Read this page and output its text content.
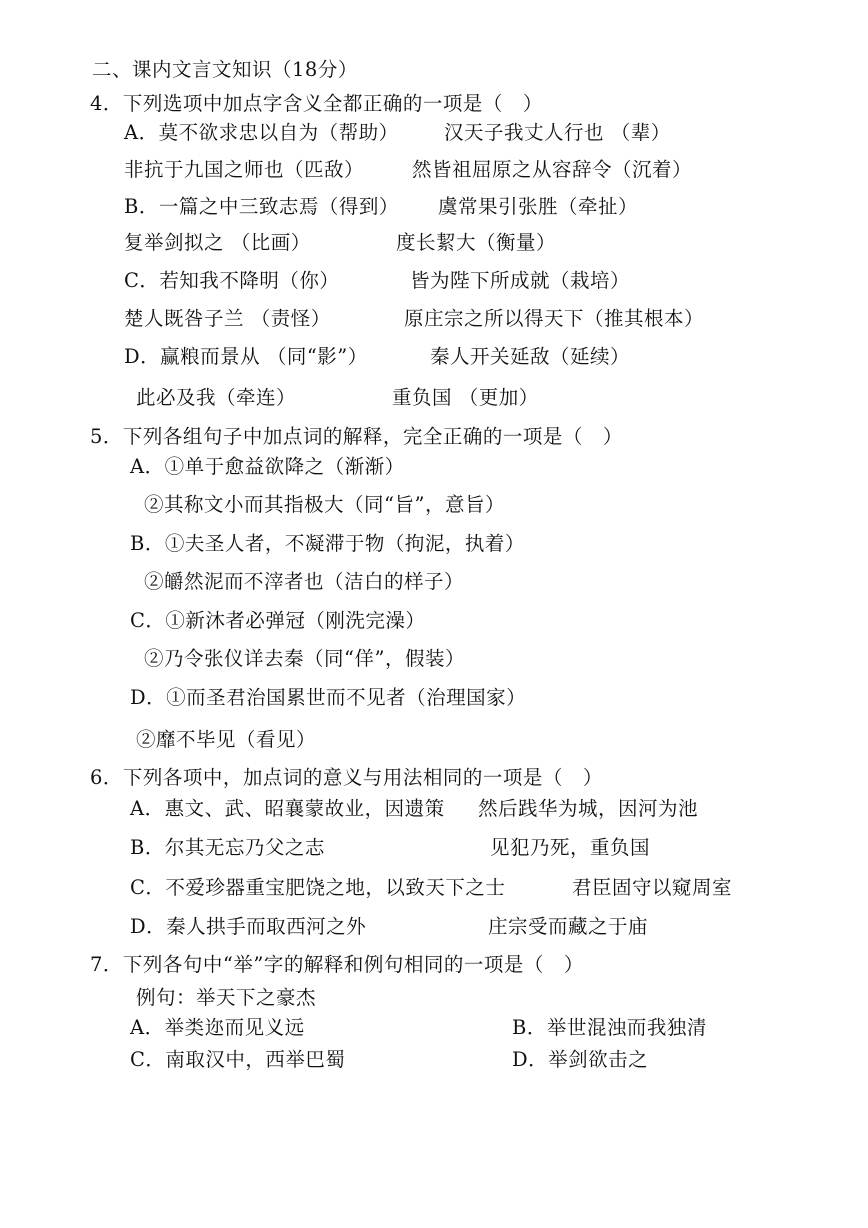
二、课内文言文知识（18分）
4．下列选项中加点字含义全都正确的一项是（　）
A．莫不欲求忠以自为（帮助） 汉天子我丈人行也 （辈）
非抗于九国之师也（匹敌） 然皆祖屈原之从容辞令（沉着）
B．一篇之中三致志焉（得到） 虞常果引张胜（牵扯）
复举剑拟之 （比画）	度长絜大（衡量）
C．若知我不降明（你）	皆为陛下所成就（栽培）
楚人既咎子兰 （责怪）	原庄宗之所以得天下（推其根本）
D．赢粮而景从 （同“影”）	秦人开关延敌（延续）
此必及我（牵连）	重负国 （更加）
5．下列各组句子中加点词的解释，完全正确的一项是（　）
A．①单于愈益欲降之（渐渐）
②其称文小而其指极大（同“旨”，意旨）
B．①夫圣人者，不凝滞于物（拘泥，执着）
②皭然泥而不滓者也（洁白的样子）
C．①新沐者必弹冠（刚洗完澡）
②乃令张仪详去秦（同“佯”，假装）
D．①而圣君治国累世而不见者（治理国家）
②靡不毕见（看见）
6．下列各项中，加点词的意义与用法相同的一项是（　）
A．惠文、武、昭襄蒙故业，因遗策 然后践华为城，因河为池
B．尔其无忘乃父之志	见犯乃死，重负国
C．不爱珍器重宝肥饶之地，以致天下之士	君臣固守以窥周室
D．秦人拱手而取西河之外	庄宗受而藏之于庙
7．下列各句中“举”字的解释和例句相同的一项是（　）
例句：举天下之豪杰
A．举类迩而见义远	B．举世混浊而我独清
C．南取汉中，西举巴蜀	D．举剑欲击之
